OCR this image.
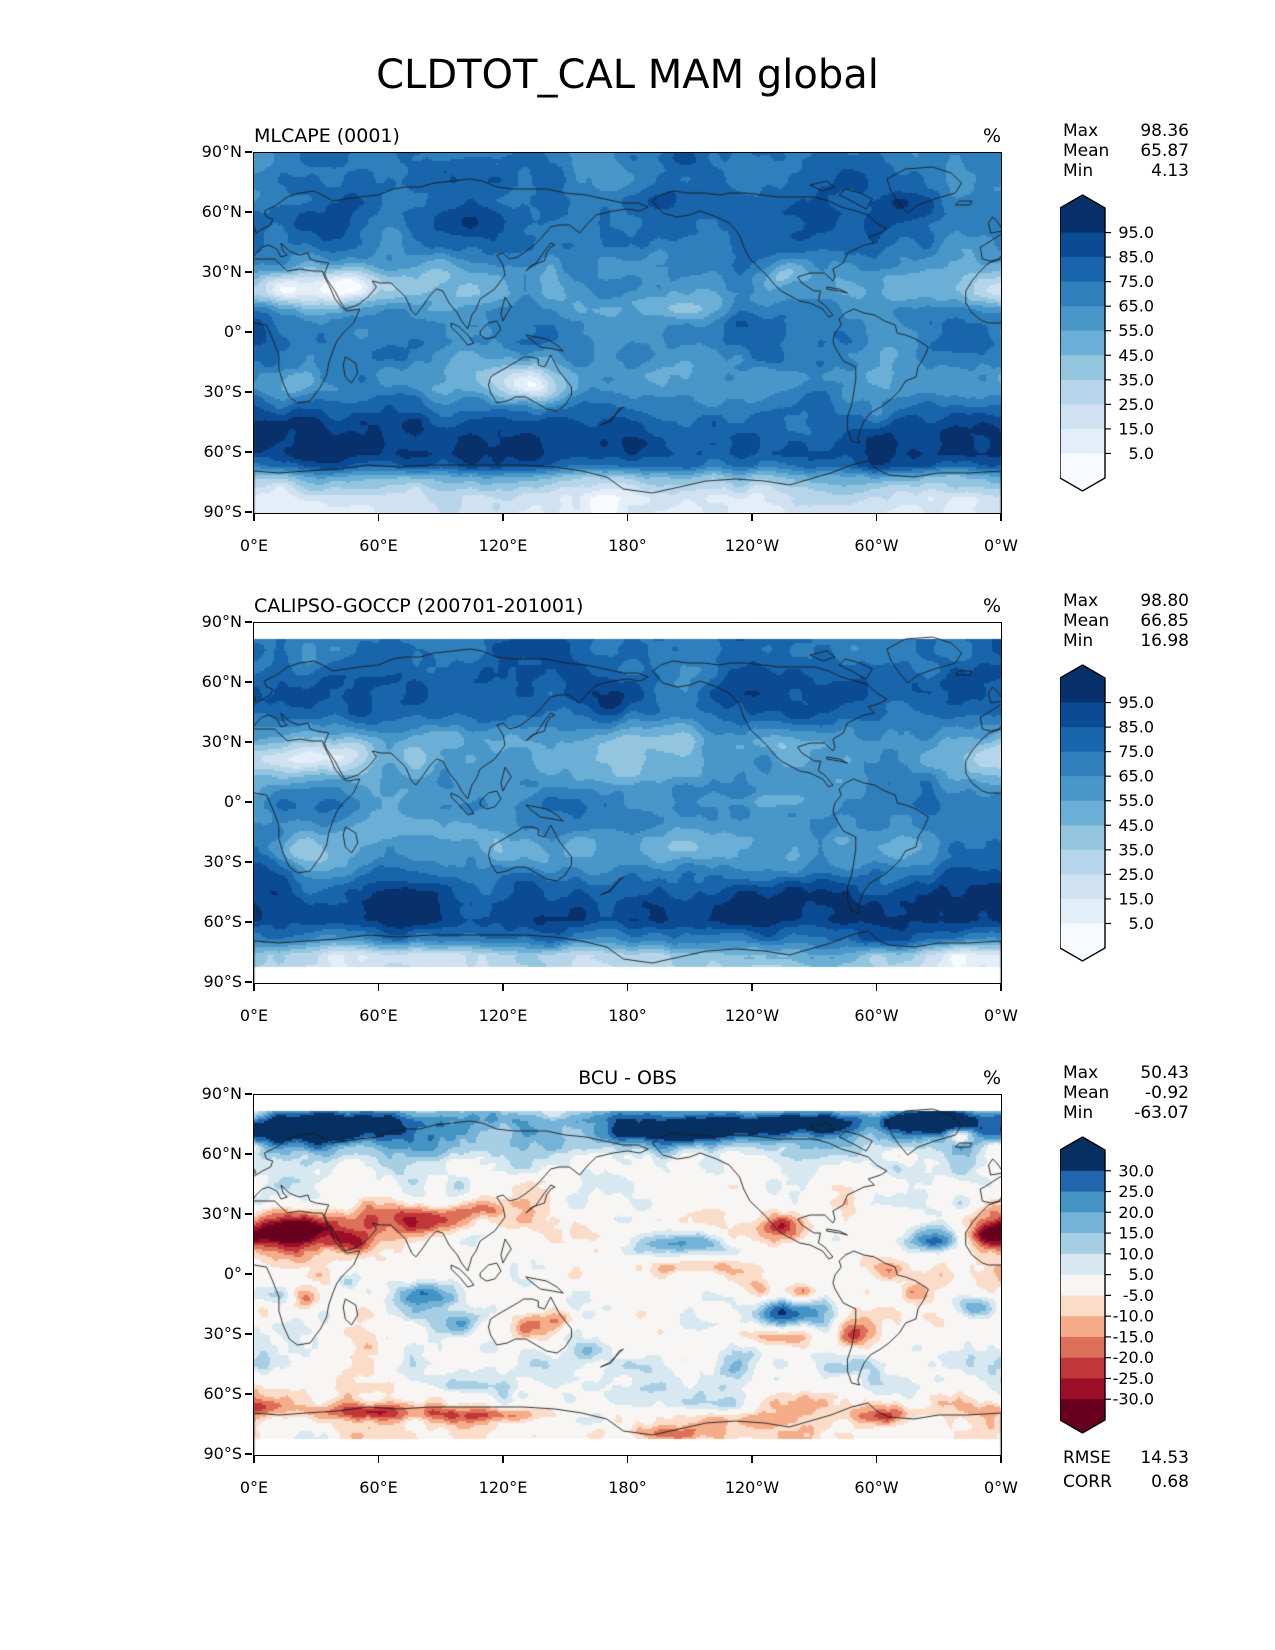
CLDTOT_CAL MAM global
MLCAPE (0001)	%
90°N
60°N
30°N
0°
30°S
60°S
90°S
0°E	60°E	120°E	180°	120°W	60°W	0°W
Max 98.36
Mean 65.87
Min	4.13
95.0
85.0
75.0
65.0
55.0
45.0
35.0
25.0
15.0
5.0
CALIPSO-GOCCP (200701-201001)	%
90°N
60°N
30°N
0°
30°S
60°S
90°S
0°E	60°E	120°E	180°	120°W	60°W	0°W
Max 98.80
Mean 66.85
Min	16.98
95.0
85.0
75.0
65.0
55.0
45.0
35.0
25.0
15.0
5.0
BCU - OBS	%
90°N
60°N
30°N
0°
30°S
60°S
90°S
0°E	60°E	120°E	180°	120°W	60°W	0°W
Max 50.43
Mean -0.92
Min -63.07
RMSE 14.53
CORR 0.68
30.0
25.0
20.0
15.0
10.0
5.0
-5.0
-10.0
-15.0
-20.0
-25.0
-30.0
